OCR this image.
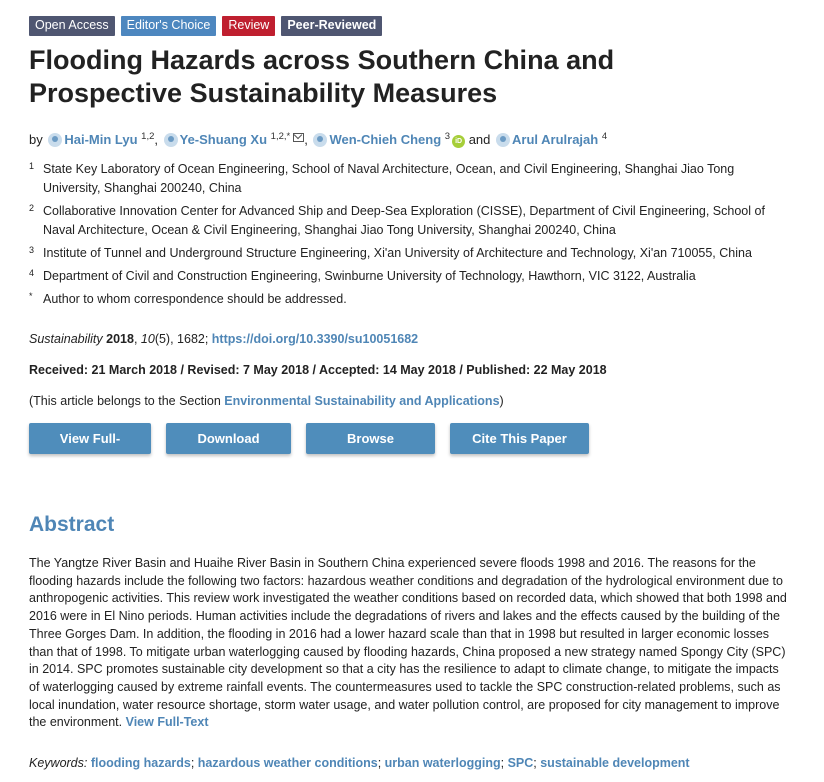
Open Access	Editor's Choice	Review	Peer-Reviewed
Flooding Hazards across Southern China and Prospective Sustainability Measures
by Hai-Min Lyu $^{1,2}$, Ye-Shuang Xu $^{1,2,*}$ , Wen-Chieh Cheng $^3$ iD and Arul Arulrajah $^4$
1 State Key Laboratory of Ocean Engineering, School of Naval Architecture, Ocean, and Civil Engineering, Shanghai Jiao Tong University, Shanghai 200240, China
2 Collaborative Innovation Center for Advanced Ship and Deep-Sea Exploration (CISSE), Department of Civil Engineering, School of Naval Architecture, Ocean & Civil Engineering, Shanghai Jiao Tong University, Shanghai 200240, China
3 Institute of Tunnel and Underground Structure Engineering, Xi'an University of Architecture and Technology, Xi'an 710055, China
4 Department of Civil and Construction Engineering, Swinburne University of Technology, Hawthorn, VIC 3122, Australia
* Author to whom correspondence should be addressed.
Sustainability 2018, 10(5), 1682; https://doi.org/10.3390/su10051682
Received: 21 March 2018 / Revised: 7 May 2018 / Accepted: 14 May 2018 / Published: 22 May 2018
(This article belongs to the Section Environmental Sustainability and Applications)
View Full-Text
Download PDF
Browse Figures
Cite This Paper
Abstract

The Yangtze River Basin and Huaihe River Basin in Southern China experienced severe floods 1998 and 2016. The reasons for the flooding hazards include the following two factors: hazardous weather conditions and degradation of the hydrological environment due to anthropogenic activities. This review work investigated the weather conditions based on recorded data, which showed that both 1998 and 2016 were in El Nino periods. Human activities include the degradations of rivers and lakes and the effects caused by the building of the Three Gorges Dam. In addition, the flooding in 2016 had a lower hazard scale than that in 1998 but resulted in larger economic losses than that of 1998. To mitigate urban waterlogging caused by flooding hazards, China proposed a new strategy named Spongy City (SPC) in 2014. SPC promotes sustainable city development so that a city has the resilience to adapt to climate change, to mitigate the impacts of waterlogging caused by extreme rainfall events. The countermeasures used to tackle the SPC construction-related problems, such as local inundation, water resource shortage, storm water usage, and water pollution control, are proposed for city management to improve the environment. View Full-Text

Keywords: flooding hazards; hazardous weather conditions; urban waterlogging; SPC; sustainable development
